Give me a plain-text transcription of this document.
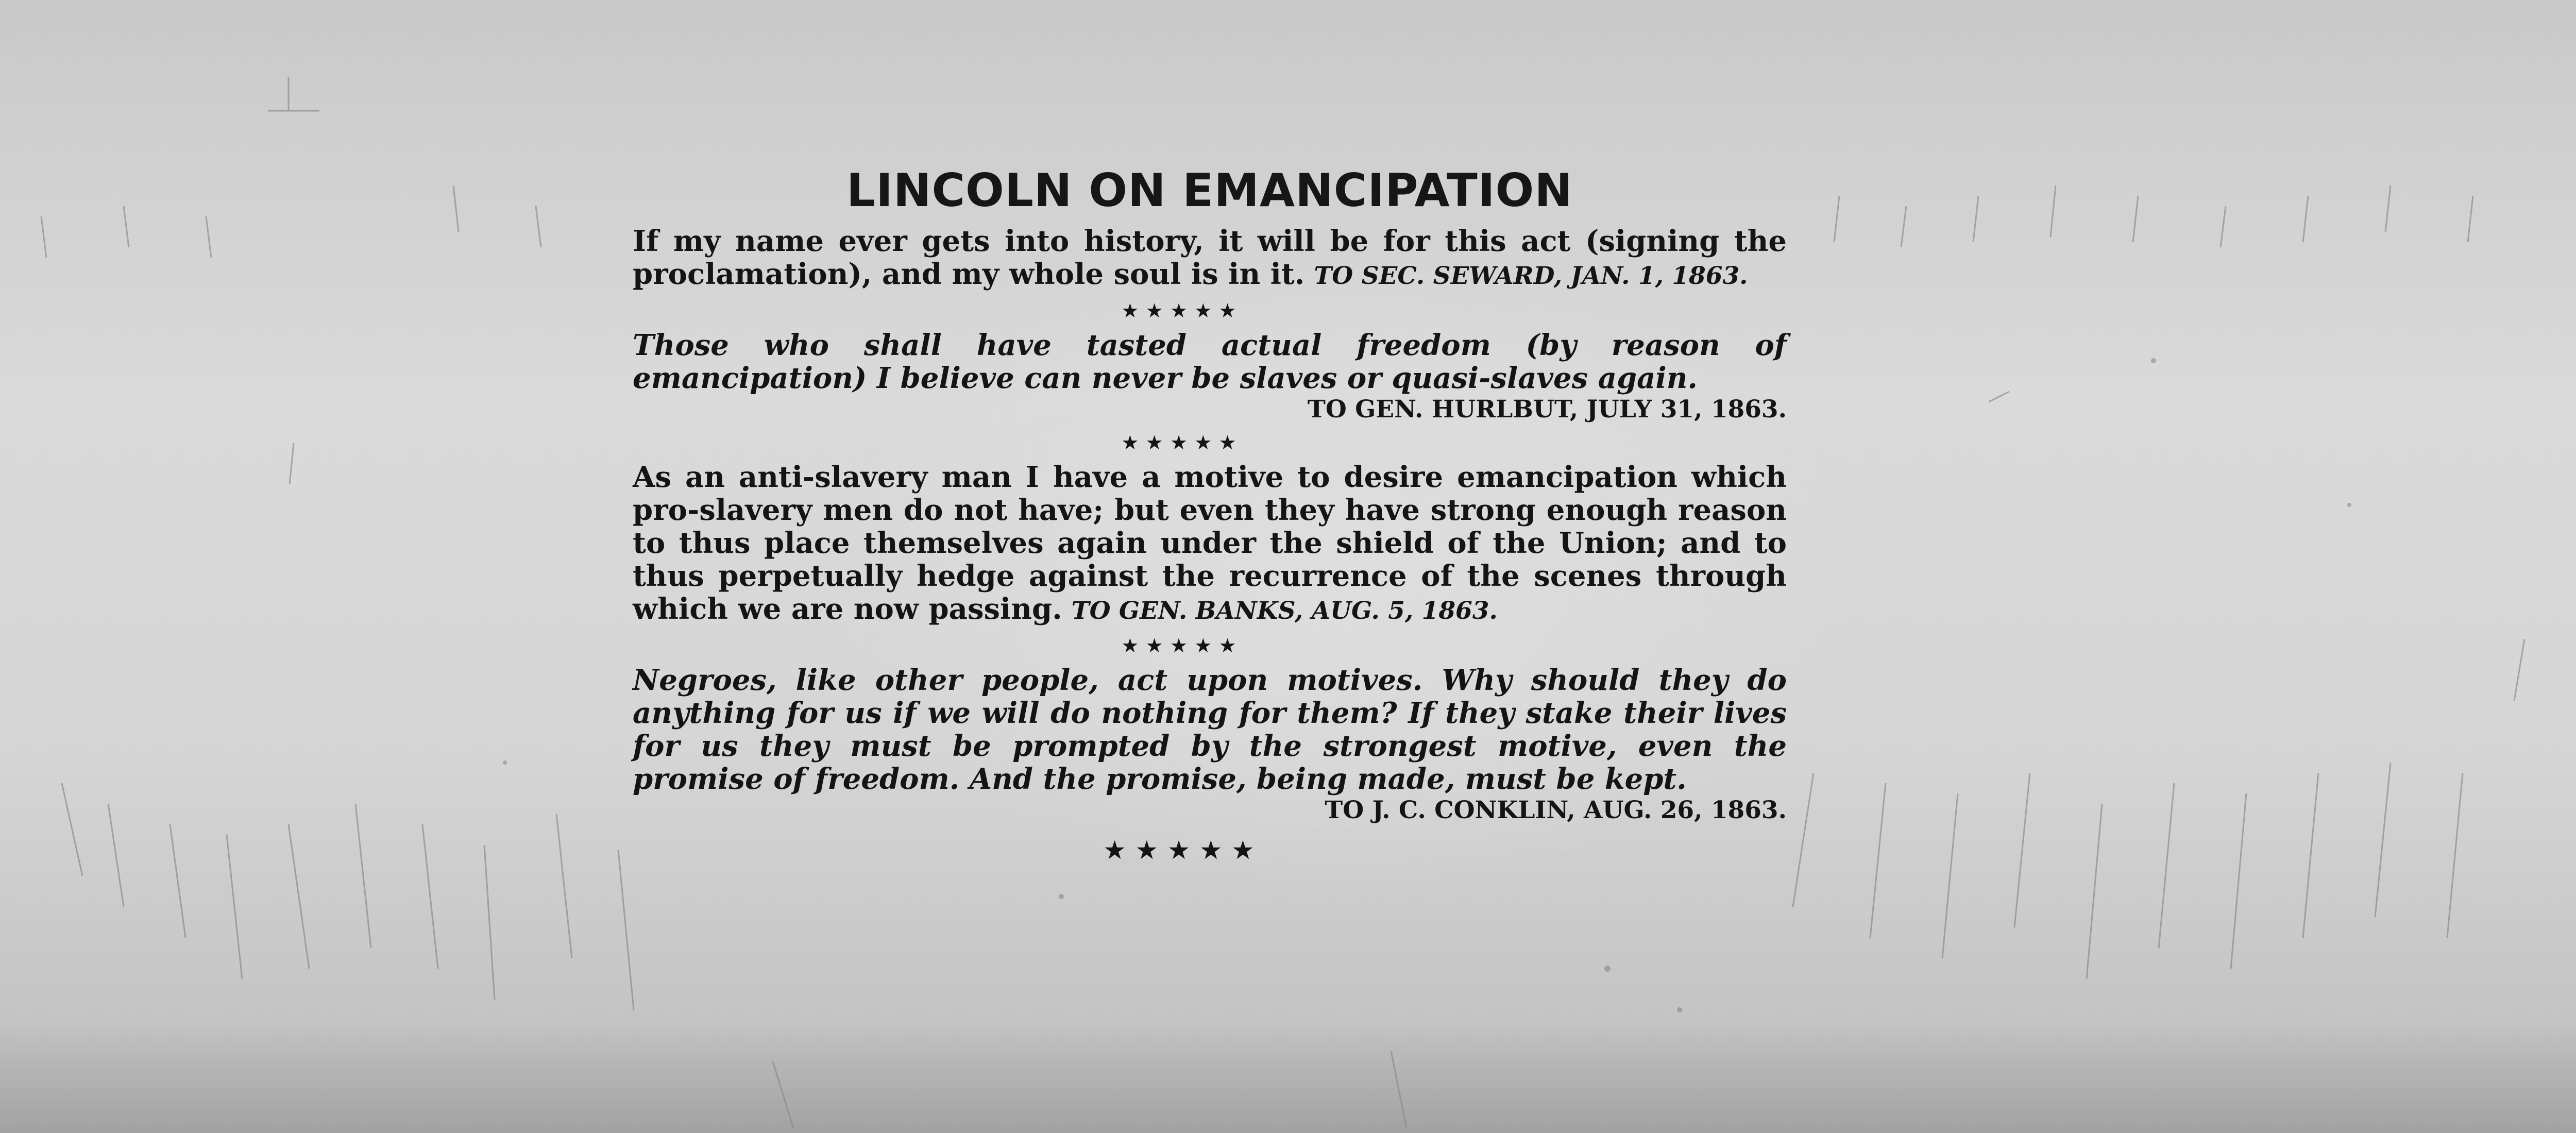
LINCOLN ON EMANCIPATION

If my name ever gets into history, it will be for this act (signing the proclamation), and my whole soul is in it. TO SEC. SEWARD, JAN. 1, 1863.

★ ★ ★ ★ ★

Those who shall have tasted actual freedom (by reason of emancipation) I believe can never be slaves or quasi-slaves again.
TO GEN. HURLBUT, JULY 31, 1863.

★ ★ ★ ★ ★

As an anti-slavery man I have a motive to desire emancipation which pro-slavery men do not have; but even they have strong enough reason to thus place themselves again under the shield of the Union; and to thus perpetually hedge against the recurrence of the scenes through which we are now passing. TO GEN. BANKS, AUG. 5, 1863.

★ ★ ★ ★ ★

Negroes, like other people, act upon motives. Why should they do anything for us if we will do nothing for them? If they stake their lives for us they must be prompted by the strongest motive, even the promise of freedom. And the promise, being made, must be kept.
TO J. C. CONKLIN, AUG. 26, 1863.

★ ★ ★ ★ ★
